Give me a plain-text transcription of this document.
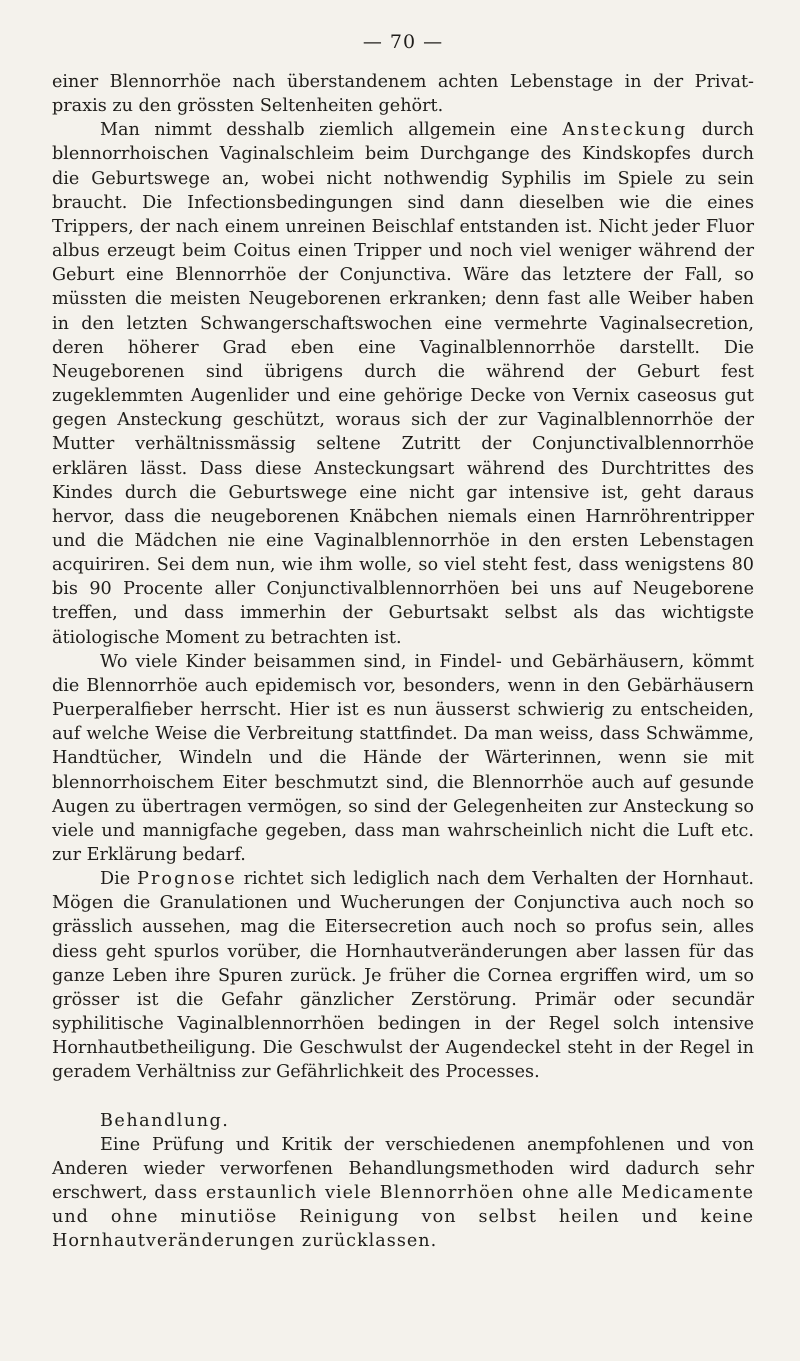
— 70 —

einer Blennorrhöe nach überstandenem achten Lebenstage in der Privatpraxis zu den grössten Seltenheiten gehört.

Man nimmt desshalb ziemlich allgemein eine Ansteckung durch blennorrhoischen Vaginalschleim beim Durchgange des Kindskopfes durch die Geburtswege an, wobei nicht nothwendig Syphilis im Spiele zu sein braucht. Die Infectionsbedingungen sind dann dieselben wie die eines Trippers, der nach einem unreinen Beischlaf entstanden ist. Nicht jeder Fluor albus erzeugt beim Coitus einen Tripper und noch viel weniger während der Geburt eine Blennorrhöe der Conjunctiva. Wäre das letztere der Fall, so müssten die meisten Neugeborenen erkranken; denn fast alle Weiber haben in den letzten Schwangerschaftswochen eine vermehrte Vaginalsecretion, deren höherer Grad eben eine Vaginalblennorrhöe darstellt. Die Neugeborenen sind übrigens durch die während der Geburt fest zugeklemmten Augenlider und eine gehörige Decke von Vernix caseosus gut gegen Ansteckung geschützt, woraus sich der zur Vaginalblennorrhöe der Mutter verhältnissmässig seltene Zutritt der Conjunctivalblennorrhöe erklären lässt. Dass diese Ansteckungsart während des Durchtrittes des Kindes durch die Geburtswege eine nicht gar intensive ist, geht daraus hervor, dass die neugeborenen Knäbchen niemals einen Harnröhrentripper und die Mädchen nie eine Vaginalblennorrhöe in den ersten Lebenstagen acquiriren. Sei dem nun, wie ihm wolle, so viel steht fest, dass wenigstens 80 bis 90 Procente aller Conjunctivalblennorrhöen bei uns auf Neugeborene treffen, und dass immerhin der Geburtsakt selbst als das wichtigste ätiologische Moment zu betrachten ist.

Wo viele Kinder beisammen sind, in Findel- und Gebärhäusern, kömmt die Blennorrhöe auch epidemisch vor, besonders, wenn in den Gebärhäusern Puerperalfieber herrscht. Hier ist es nun äusserst schwierig zu entscheiden, auf welche Weise die Verbreitung stattfindet. Da man weiss, dass Schwämme, Handtücher, Windeln und die Hände der Wärterinnen, wenn sie mit blennorrhoischem Eiter beschmutzt sind, die Blennorrhöe auch auf gesunde Augen zu übertragen vermögen, so sind der Gelegenheiten zur Ansteckung so viele und mannigfache gegeben, dass man wahrscheinlich nicht die Luft etc. zur Erklärung bedarf.

Die Prognose richtet sich lediglich nach dem Verhalten der Hornhaut. Mögen die Granulationen und Wucherungen der Conjunctiva auch noch so grässlich aussehen, mag die Eitersecretion auch noch so profus sein, alles diess geht spurlos vorüber, die Hornhautveränderungen aber lassen für das ganze Leben ihre Spuren zurück. Je früher die Cornea ergriffen wird, um so grösser ist die Gefahr gänzlicher Zerstörung. Primär oder secundär syphilitische Vaginalblennorrhöen bedingen in der Regel solch intensive Hornhautbetheiligung. Die Geschwulst der Augendeckel steht in der Regel in geradem Verhältniss zur Gefährlichkeit des Processes.

Behandlung.

Eine Prüfung und Kritik der verschiedenen anempfohlenen und von Anderen wieder verworfenen Behandlungsmethoden wird dadurch sehr erschwert, dass erstaunlich viele Blennorrhöen ohne alle Medicamente und ohne minutiöse Reinigung von selbst heilen und keine Hornhautveränderungen zurücklassen.
